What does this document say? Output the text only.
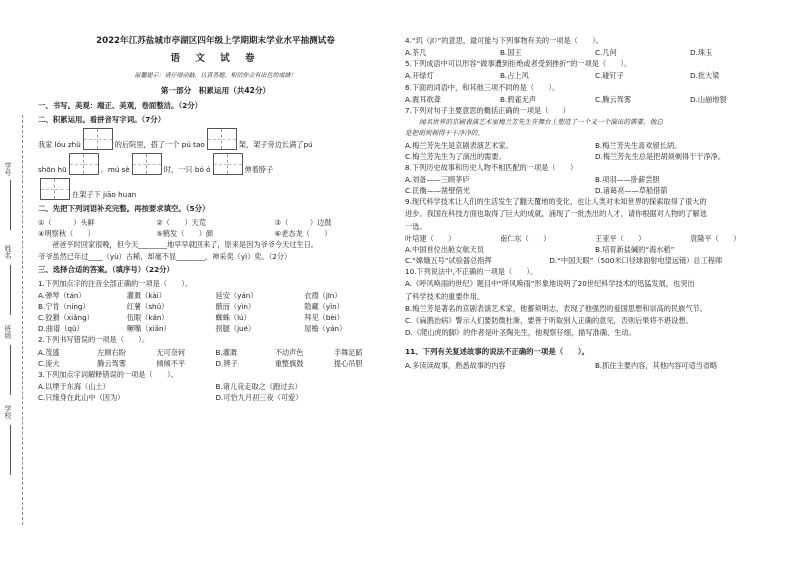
学号
姓名
班级
学校
2022年江苏盐城市亭湖区四年级上学期期末学业水平抽测试卷
语 文 试 卷
温馨提示：请仔细动脑，认真答题，相信你会有出色的成绩！
第一部分　积累运用（共42分）
一、书写。美观：端正、美观，卷面整洁。（2分）
二、积累运用。看拼音写字词。（7分）
我家 lóu zhǔ	的后院里，搭了一个 pú tao	架，架子旁边长满了pú
shōn hū	。mú sè	时，一只 bó ó	伸着脖子
在架子下 jiāo huan
二、先把下列词语补充完整。再按要求填空。（5分）
①（　　　）头鲜	②（　　）天荒	③（　　　）边鼓
④明察秋（　　）	⑤鹤发（　　）颜	⑥老态龙（　　）
爸爸平时回家很晚，但今天________地早早就回来了，原来是因为爷爷今天过生日。
爷爷虽然已年过____（yù）古稀，却毫不显________，神采奕（yì）奕。（2分）
三、选择合适的答案。（填序号）（22分）
1.下列加点字的注音全部正确的一项是（　　）。
A.弹琴（tán）	灌溉（kài）	延安（yán）	衣襟（jīn）
B.宁肯（níng）	红薯（shǔ）	骸而（yìn）	隐藏（yǐn）
C.狡猾（xiǎng）	伍眼（kǎn）	蜘蛛（lú）	拜见（bèi）
D.曲谱（qǔ）	噘嘴（xiān）	拐腿（jué）	屋檐（yán）
2.下列书写错误的一项是（　　）。
A.茂盛	左顾右盼	无可奈何	B.灌溉	不动声色	手舞足蹈
C.庞大	腾云驾雾	倾倾不平	D.辨子	重整旗鼓	提心吊胆
3.下列加点字词解释错误的一项是（　　）。
A.以堙于东海（山土）	B.诸儿竞走取之（跑过去）
C.只缘身在此山中（因为）	D.可恰九月初三夜（可爱）
4.“玑（jī）”的意思，最可能与下列事物有关的一项是（　　）。
A.茶几	B.国王	C.几何	D.珠玉
5.下列成语中可以形容“做事遭到拒绝或者受到挫折”的一项是（　　）。
A.开绿灯	B.占上风	C.碰钉子	D.批大梁
6.下面的词语中，和其他三项不同的是（　　）。
A.震耳欲聋	B.鸦雀无声	C.腾云驾雾	D.山崩地裂
7.下列对句子主要意思的概括正确的一项是（　　）
闻名世界的京剧表演艺术家梅兰芳先生在舞台上塑造了一个又一个演出的需要，他总
是把胡须剃得干干净净的。
A.梅兰芳先生是京剧表演艺术家。	B.梅兰芳先生喜欢留长胡。
C.梅兰芳先生为了演出的需要。	D.梅兰芳先生总是把胡须剃得干干净净。
8.下列历史故事和历史人物不相匹配的一项是（　　）
A.刘备——三顾茅庐	B.项羽——卧薪尝胆
C.匡衡——凿壁借光	D.诸葛亮——草船借箭
9.现代科学技术让人们的生活发生了翻天覆地的变化，也让人类对未知世界的探索取得了很大的
进步。我国在科技方面也取得了巨大的成就，涌现了一批杰出的人才，请你根据对人物的了解选
一选。
叶培建（　　）	南仁东（　　）	王亚平（　　）	袁隆平（　　）
A.中国首位出舱女航天员	B.培育新盐碱的“海水稻”
C.“嫦娥五号”试验器总指挥	D.“中国天眼”（500米口径球面射电望远镜）总工程师
10.下列说法中,不正确的一项是（　　）。
A.《呼风唤雨的世纪》题目中“呼风唤雨”形象地说明了20世纪科学技术的迅猛发展，也突出
了科学技术的重要作用。
B.梅兰芳是著名的京剧表演艺术家，他蓄须明志，表现了他强烈的爱国思想和崇高的民族气节。
C.《扁鹊治病》警示人们要防微杜渐，要善于听取别人正确的意见，否则后果将不堪设想。
D.《爬山虎的脚》的作者是叶圣陶先生，他观察仔细，描写准确、生动。
11、下列有关复述故事的说法不正确的一项是（　　）。
A.多读读故事，熟悉故事的内容	B.抓住主要内容，其他内容可适当省略
